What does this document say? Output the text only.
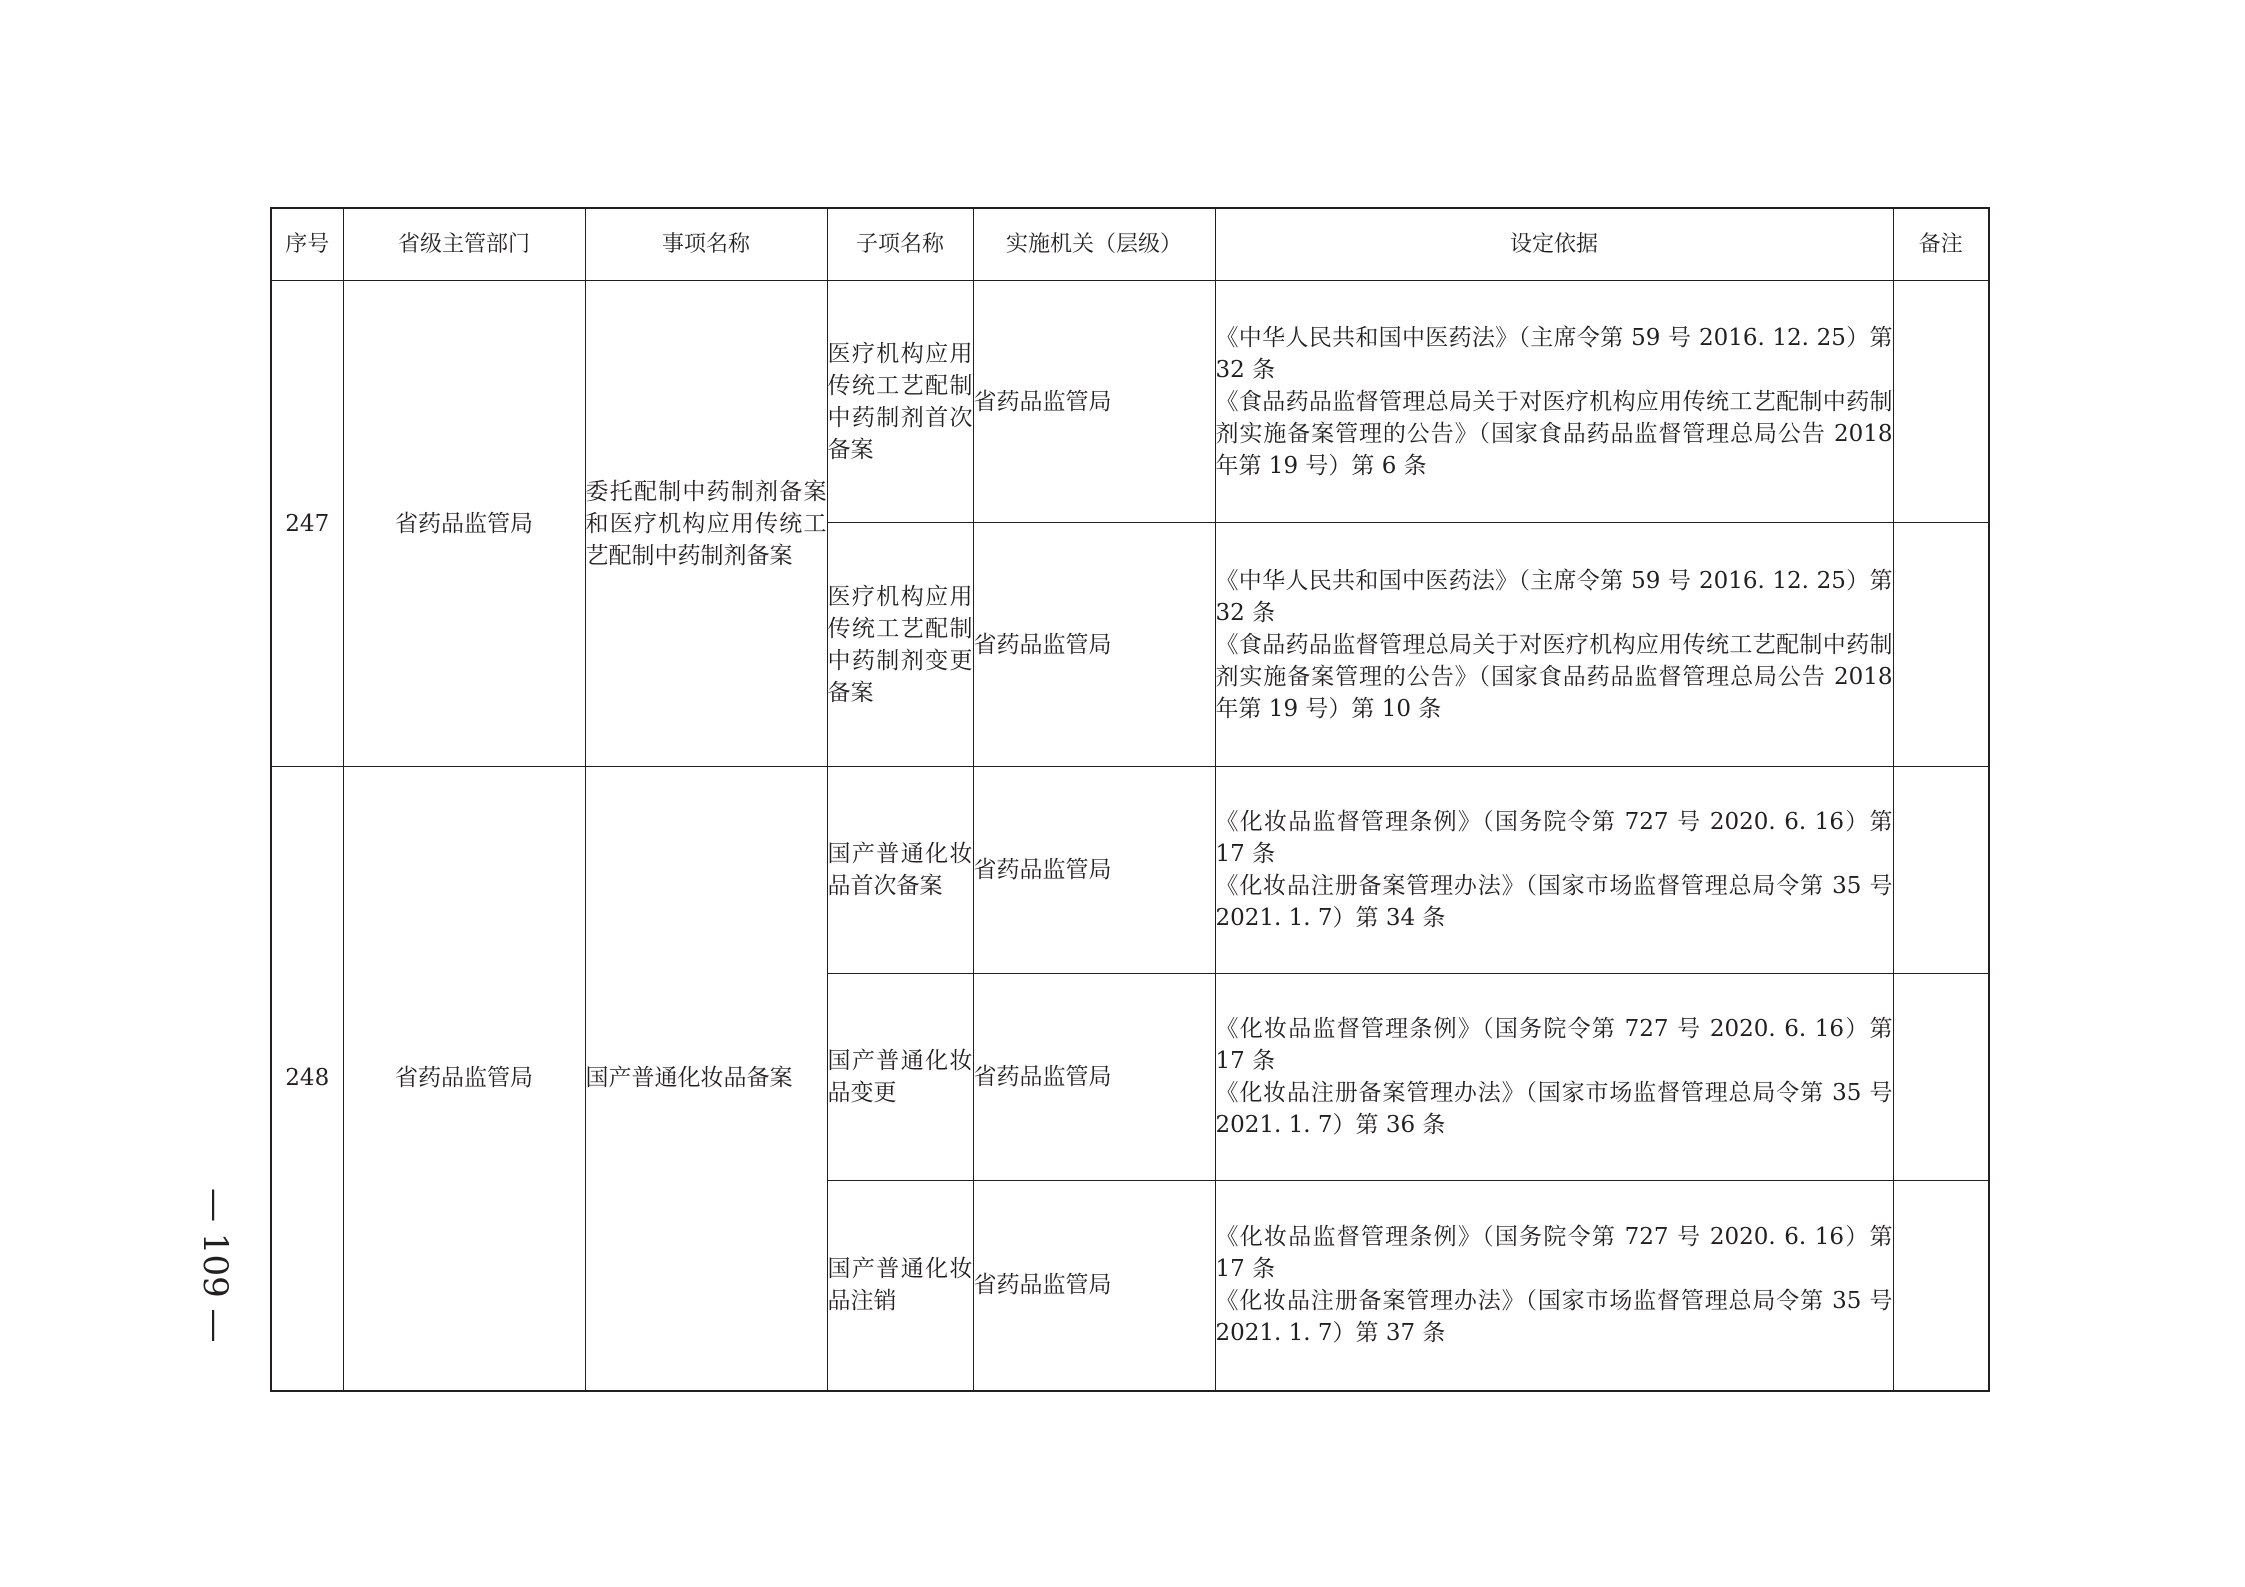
序号	省级主管部门	事项名称	子项名称	实施机关（层级）	设定依据	备注
247	省药品监管局	委托配制中药制剂备案和医疗机构应用传统工艺配制中药制剂备案	医疗机构应用传统工艺配制中药制剂首次备案	省药品监管局	《中华人民共和国中医药法》（主席令第 59 号 2016. 12. 25）第 32 条
《食品药品监督管理总局关于对医疗机构应用传统工艺配制中药制剂实施备案管理的公告》（国家食品药品监督管理总局公告 2018 年第 19 号）第 6 条	

			医疗机构应用传统工艺配制中药制剂变更备案	省药品监管局	《中华人民共和国中医药法》（主席令第 59 号 2016. 12. 25）第 32 条
《食品药品监督管理总局关于对医疗机构应用传统工艺配制中药制剂实施备案管理的公告》（国家食品药品监督管理总局公告 2018 年第 19 号）第 10 条	

248	省药品监管局	国产普通化妆品备案	国产普通化妆品首次备案	省药品监管局	《化妆品监督管理条例》（国务院令第 727 号 2020. 6. 16）第 17 条
《化妆品注册备案管理办法》（国家市场监督管理总局令第 35 号 2021. 1. 7）第 34 条	

			国产普通化妆品变更	省药品监管局	《化妆品监督管理条例》（国务院令第 727 号 2020. 6. 16）第 17 条
《化妆品注册备案管理办法》（国家市场监督管理总局令第 35 号 2021. 1. 7）第 36 条	

			国产普通化妆品注销	省药品监管局	《化妆品监督管理条例》（国务院令第 727 号 2020. 6. 16）第 17 条
《化妆品注册备案管理办法》（国家市场监督管理总局令第 35 号 2021. 1. 7）第 37 条	

— 109 —
